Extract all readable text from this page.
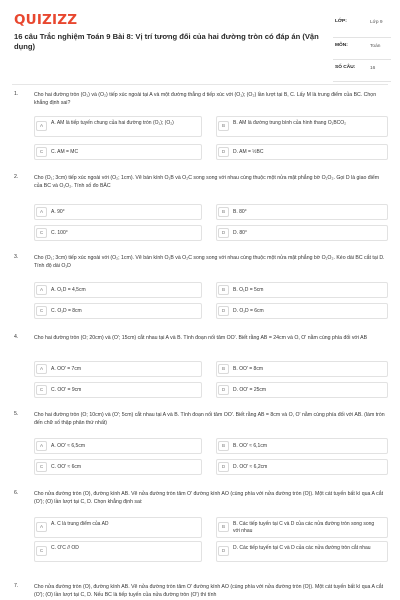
QUIZIZZ
16 câu Trắc nghiệm Toán 9 Bài 8: Vị trí tương đối của hai đường tròn có đáp án (Vận dụng)
LỚP:	Lớp 9
MÔN:	Toán
SỐ CÂU:	16
1.	Cho hai đường tròn (O₁) và (O₂) tiếp xúc ngoài tại A và một đường thẳng d tiếp xúc với (O₁); (O₂) lần lượt tại B, C. Lấy M là trung điểm của BC. Chọn khẳng định sai?
A	A. AM là tiếp tuyến chung của hai đường tròn (O₁); (O₂)	B	B. AM là đường trung bình của hình thang O₁BCO₂
C	C. AM = MC	D	D. AM = ½BC
2.	Cho (O₁; 3cm) tiếp xúc ngoài với (O₂; 1cm). Vẽ bán kính O₁B và O₂C song song với nhau cùng thuộc một nửa mặt phẳng bờ O₁O₂. Gọi D là giao điểm của BC và O₁O₂. Tính số đo BÂC
A	A. 90°	B	B. 80°
C	C. 100°	D	D. 80°
3.	Cho (O₁; 3cm) tiếp xúc ngoài với (O₂; 1cm). Vẽ bán kính O₁B và O₂C song song với nhau cùng thuộc một nửa mặt phẳng bờ O₁O₂. Kéo dài BC cắt tại D. Tính độ dài O₁D
A	A. O₁D = 4,5cm	B	B. O₁D = 5cm
C	C. O₁D = 8cm	D	D. O₁D = 6cm
4.	Cho hai đường tròn (O; 20cm) và (O'; 15cm) cắt nhau tại A và B. Tính đoạn nối tâm OO'. Biết rằng AB = 24cm và O, O' nằm cùng phía đối với AB
A	A. OO' = 7cm	B	B. OO' = 8cm
C	C. OO' = 9cm	D	D. OO' = 25cm
5.	Cho hai đường tròn (O; 10cm) và (O'; 5cm) cắt nhau tại A và B. Tính đoạn nối tâm OO'. Biết rằng AB = 8cm và O, O' nằm cùng phía đối với AB. (làm tròn đến chữ số thập phân thứ nhất)
A	A. OO' ≈ 6,5cm	B	B. OO' ≈ 6,1cm
C	C. OO' ≈ 6cm	D	D. OO' ≈ 6,2cm
6.	Cho nửa đường tròn (O), đường kính AB. Vẽ nửa đường tròn tâm O' đường kính AO (cùng phía với nửa đường tròn (O)). Một cát tuyến bất kì qua A cắt (O'); (O) lần lượt tại C, D. Chọn khẳng định sai:
A	A. C là trung điểm của AD	B	B. Các tiếp tuyến tại C và D của các nửa đường tròn song song với nhau
C	C. O'C // OD	D	D. Các tiếp tuyến tại C và D của các nửa đường tròn cắt nhau
7.	Cho nửa đường tròn (O), đường kính AB. Vẽ nửa đường tròn tâm O' đường kính AO (cùng phía với nửa đường tròn (O)). Một cát tuyến bất kì qua A cắt (O'); (O) lần lượt tại C, D. Nếu BC là tiếp tuyến của nửa đường tròn (O') thì tính
